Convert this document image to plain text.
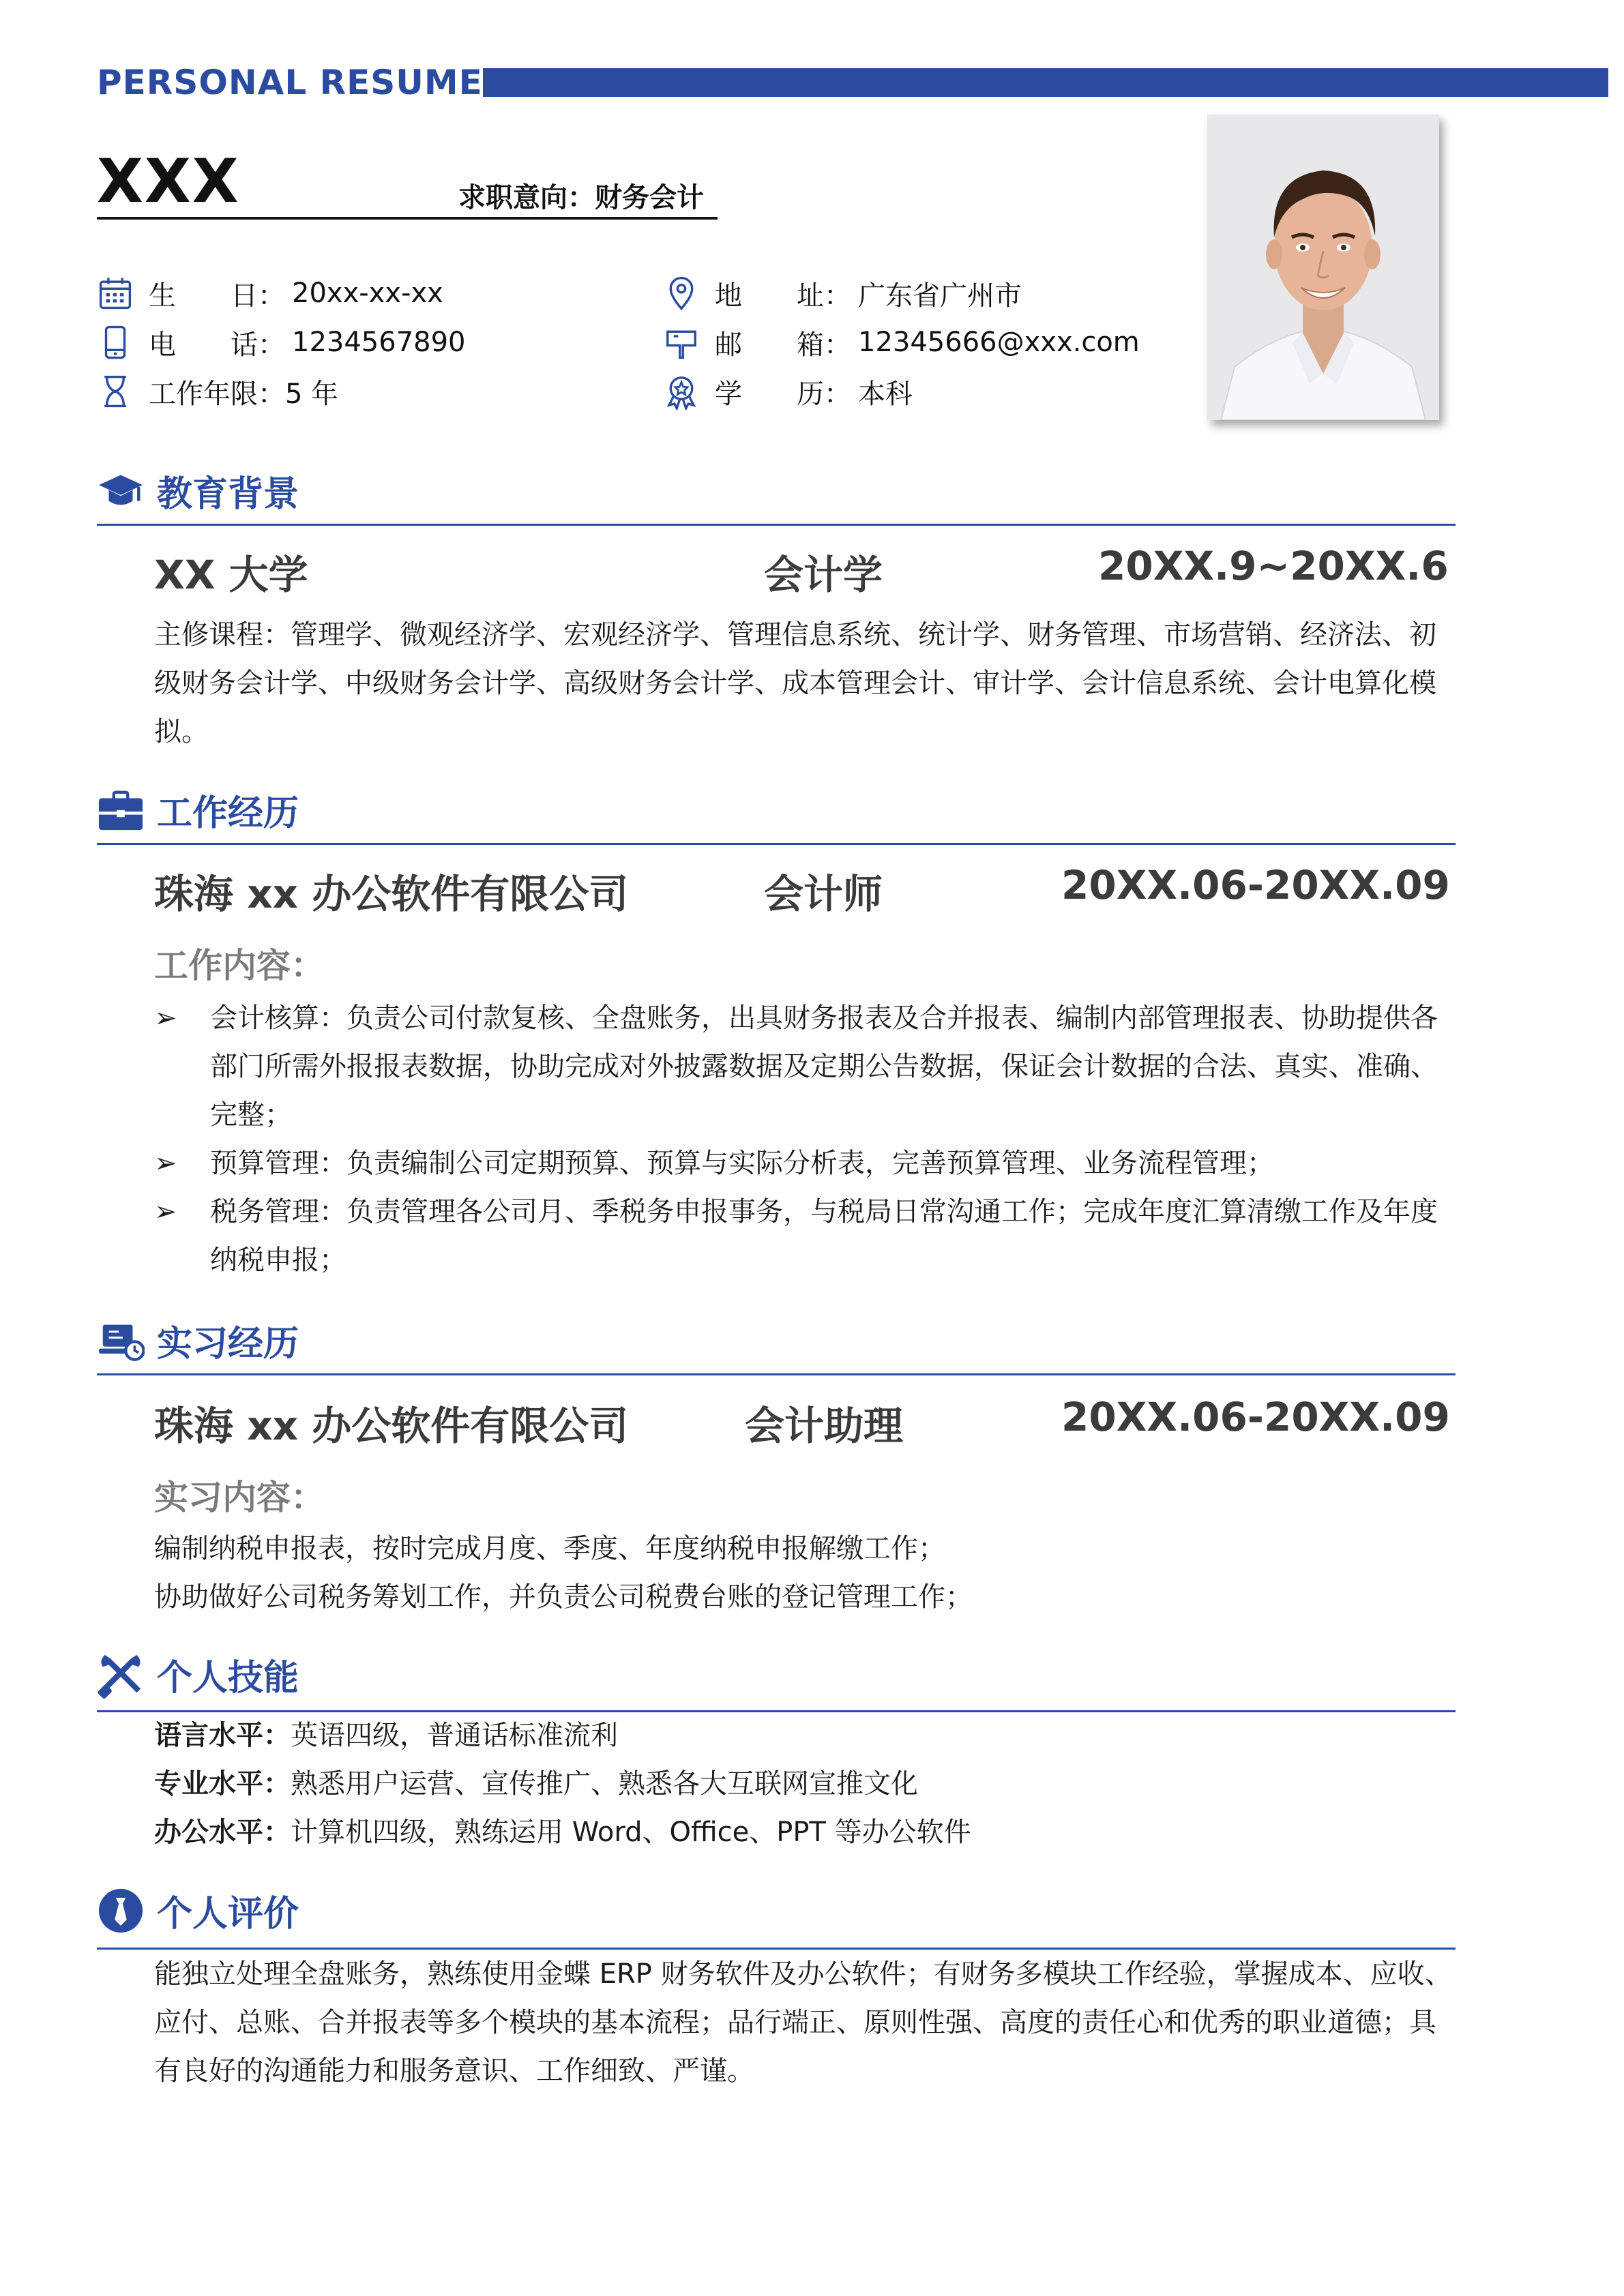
PERSONAL RESUME
XXX	求职意向：财务会计
生　　日： 20xx-xx-xx
电　　话： 1234567890
工作年限： 5 年
地　　址： 广东省广州市
邮　　箱： 12345666@xxx.com
学　　历： 本科
教育背景
XX 大学	会计学	20XX.9~20XX.6
主修课程：管理学、微观经济学、宏观经济学、管理信息系统、统计学、财务管理、市场营销、经济法、初级财务会计学、中级财务会计学、高级财务会计学、成本管理会计、审计学、会计信息系统、会计电算化模拟。
工作经历
珠海 xx 办公软件有限公司	会计师	20XX.06-20XX.09
工作内容：
➢	会计核算：负责公司付款复核、全盘账务，出具财务报表及合并报表、编制内部管理报表、协助提供各部门所需外报报表数据，协助完成对外披露数据及定期公告数据，保证会计数据的合法、真实、准确、完整；
➢	预算管理：负责编制公司定期预算、预算与实际分析表，完善预算管理、业务流程管理；
➢	税务管理：负责管理各公司月、季税务申报事务，与税局日常沟通工作；完成年度汇算清缴工作及年度纳税申报；
实习经历
珠海 xx 办公软件有限公司	会计助理	20XX.06-20XX.09
实习内容：
编制纳税申报表，按时完成月度、季度、年度纳税申报解缴工作；
协助做好公司税务筹划工作，并负责公司税费台账的登记管理工作；
个人技能
语言水平：英语四级，普通话标准流利
专业水平：熟悉用户运营、宣传推广、熟悉各大互联网宣推文化
办公水平：计算机四级，熟练运用 Word、Office、PPT 等办公软件
个人评价
能独立处理全盘账务，熟练使用金蝶 ERP 财务软件及办公软件；有财务多模块工作经验，掌握成本、应收、应付、总账、合并报表等多个模块的基本流程；品行端正、原则性强、高度的责任心和优秀的职业道德；具有良好的沟通能力和服务意识、工作细致、严谨。
